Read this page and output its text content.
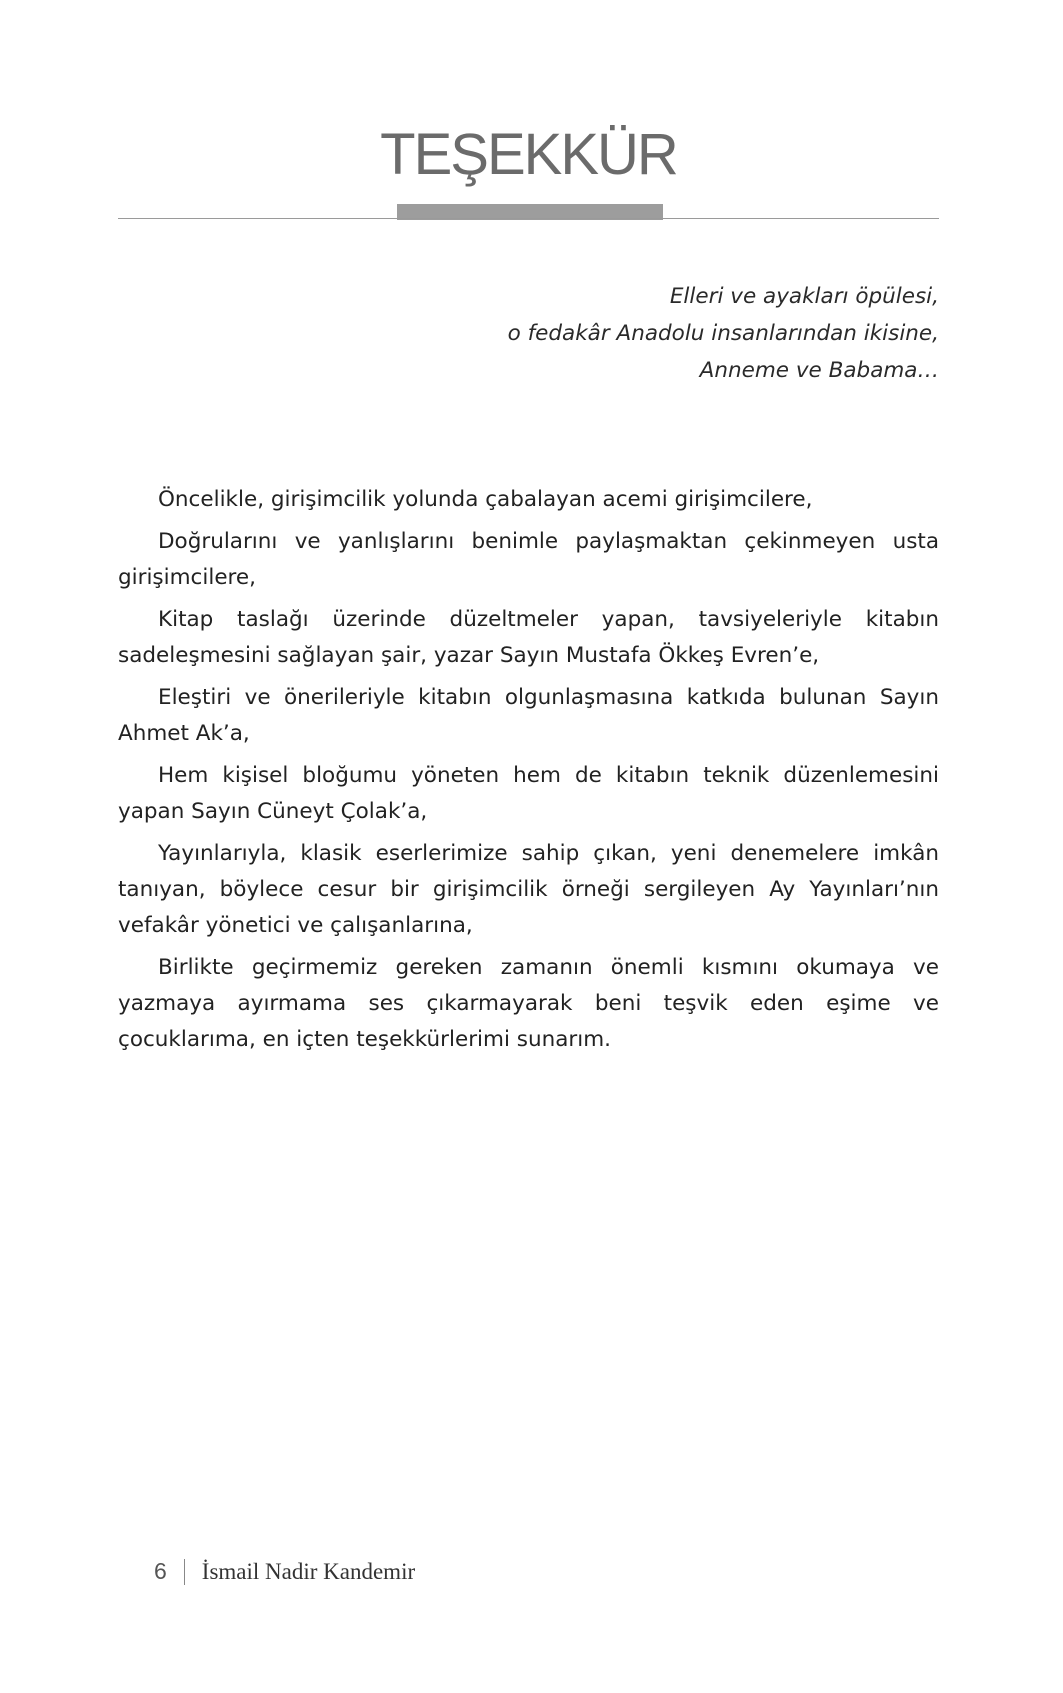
TEŞEKKÜR
Elleri ve ayakları öpülesi,
o fedakâr Anadolu insanlarından ikisine,
Anneme ve Babama…

Öncelikle, girişimcilik yolunda çabalayan acemi girişimcilere,

Doğrularını ve yanlışlarını benimle paylaşmaktan çekinmeyen usta girişimcilere,

Kitap taslağı üzerinde düzeltmeler yapan, tavsiyeleriyle kitabın sadeleşmesini sağlayan şair, yazar Sayın Mustafa Ökkeş Evren’e,

Eleştiri ve önerileriyle kitabın olgunlaşmasına katkıda bulunan Sayın Ahmet Ak’a,

Hem kişisel bloğumu yöneten hem de kitabın teknik düzenlemesini yapan Sayın Cüneyt Çolak’a,

Yayınlarıyla, klasik eserlerimize sahip çıkan, yeni denemelere imkân tanıyan, böylece cesur bir girişimcilik örneği sergileyen Ay Yayınları’nın vefakâr yönetici ve çalışanlarına,

Birlikte geçirmemiz gereken zamanın önemli kısmını okumaya ve yazmaya ayırmama ses çıkarmayarak beni teşvik eden eşime ve çocuklarıma, en içten teşekkürlerimi sunarım.

6 İsmail Nadir Kandemir
